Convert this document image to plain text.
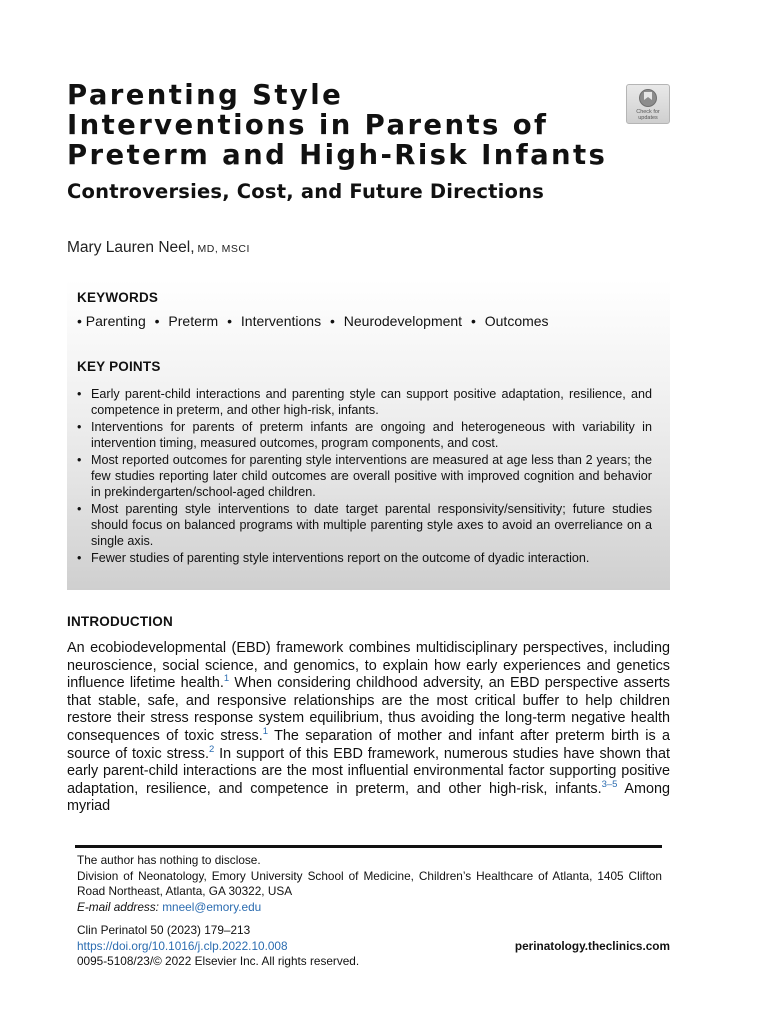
Parenting Style
Interventions in Parents of
Preterm and High-Risk Infants
Controversies, Cost, and Future Directions
Check for
updates
Mary Lauren Neel, MD, MSCI
KEYWORDS
• Parenting • Preterm • Interventions • Neurodevelopment • Outcomes
KEY POINTS
• Early parent-child interactions and parenting style can support positive adaptation, resilience, and competence in preterm, and other high-risk, infants.
• Interventions for parents of preterm infants are ongoing and heterogeneous with variability in intervention timing, measured outcomes, program components, and cost.
• Most reported outcomes for parenting style interventions are measured at age less than 2 years; the few studies reporting later child outcomes are overall positive with improved cognition and behavior in prekindergarten/school-aged children.
• Most parenting style interventions to date target parental responsivity/sensitivity; future studies should focus on balanced programs with multiple parenting style axes to avoid an overreliance on a single axis.
• Fewer studies of parenting style interventions report on the outcome of dyadic interaction.
INTRODUCTION

An ecobiodevelopmental (EBD) framework combines multidisciplinary perspectives, including neuroscience, social science, and genomics, to explain how early experiences and genetics influence lifetime health.$^1$ When considering childhood adversity, an EBD perspective asserts that stable, safe, and responsive relationships are the most critical buffer to help children restore their stress response system equilibrium, thus avoiding the long-term negative health consequences of toxic stress.$^1$ The separation of mother and infant after preterm birth is a source of toxic stress.$^2$ In support of this EBD framework, numerous studies have shown that early parent-child interactions are the most influential environmental factor supporting positive adaptation, resilience, and competence in preterm, and other high-risk, infants.$^{3-5}$ Among myriad

The author has nothing to disclose.

Division of Neonatology, Emory University School of Medicine, Children’s Healthcare of Atlanta, 1405 Clifton Road Northeast, Atlanta, GA 30322, USA

E-mail address: mneel@emory.edu

Clin Perinatol 50 (2023) 179–213

https://doi.org/10.1016/j.clp.2022.10.008

0095-5108/23/© 2022 Elsevier Inc. All rights reserved.

perinatology.theclinics.com
